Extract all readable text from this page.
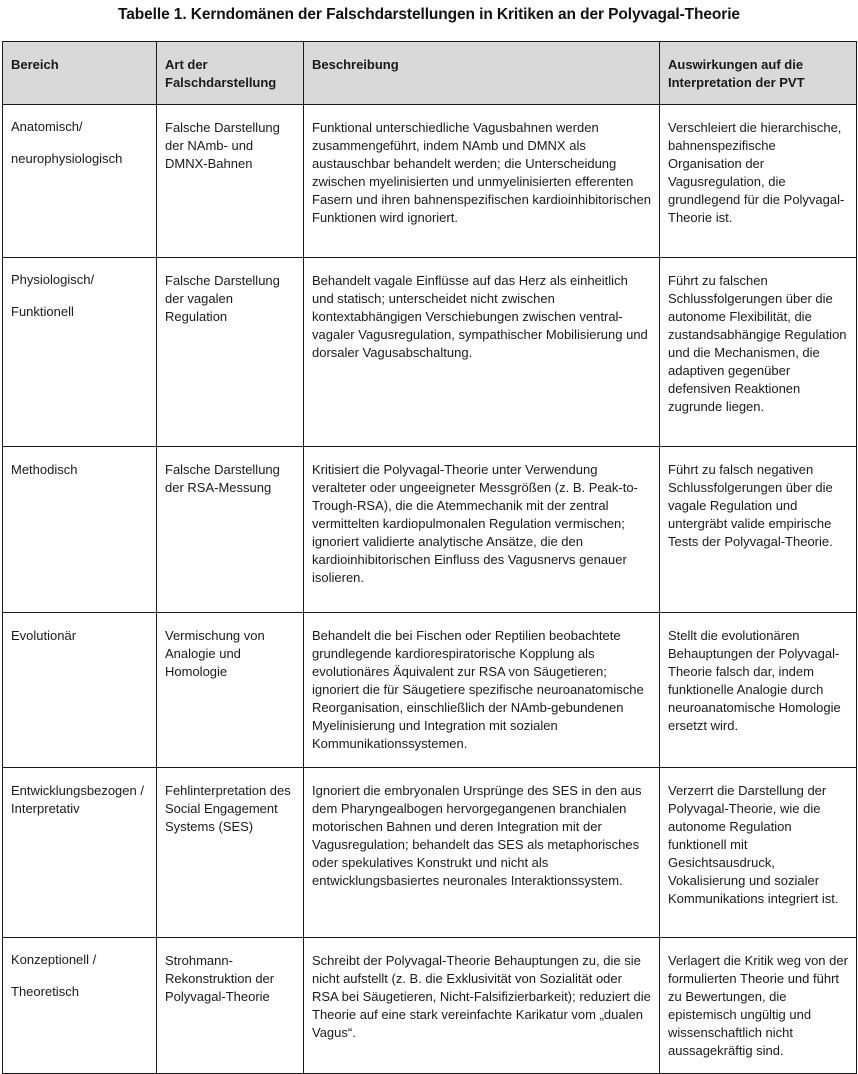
Tabelle 1. Kerndomänen der Falschdarstellungen in Kritiken an der Polyvagal-Theorie
Bereich	Art der Falschdarstellung	Beschreibung	Auswirkungen auf die Interpretation der PVT
Anatomisch/
neurophysiologisch	Falsche Darstellung der NAmb- und DMNX-Bahnen	Funktional unterschiedliche Vagusbahnen werden zusammengeführt, indem NAmb und DMNX als austauschbar behandelt werden; die Unterscheidung zwischen myelinisierten und unmyelinisierten efferenten Fasern und ihren bahnenspezifischen kardioinhibitorischen Funktionen wird ignoriert.	Verschleiert die hierarchische, bahnenspezifische Organisation der Vagusregulation, die grundlegend für die Polyvagal-Theorie ist.
Physiologisch/
Funktionell	Falsche Darstellung der vagalen Regulation	Behandelt vagale Einflüsse auf das Herz als einheitlich und statisch; unterscheidet nicht zwischen kontextabhängigen Verschiebungen zwischen ventral-vagaler Vagusregulation, sympathischer Mobilisierung und dorsaler Vagusabschaltung.	Führt zu falschen Schlussfolgerungen über die autonome Flexibilität, die zustandsabhängige Regulation und die Mechanismen, die adaptiven gegenüber defensiven Reaktionen zugrunde liegen.
Methodisch	Falsche Darstellung der RSA-Messung	Kritisiert die Polyvagal-Theorie unter Verwendung veralteter oder ungeeigneter Messgrößen (z. B. Peak-to-Trough-RSA), die die Atemmechanik mit der zentral vermittelten kardiopulmonalen Regulation vermischen; ignoriert validierte analytische Ansätze, die den kardioinhibitorischen Einfluss des Vagusnervs genauer isolieren.	Führt zu falsch negativen Schlussfolgerungen über die vagale Regulation und untergräbt valide empirische Tests der Polyvagal-Theorie.
Evolutionär	Vermischung von Analogie und Homologie	Behandelt die bei Fischen oder Reptilien beobachtete grundlegende kardiorespiratorische Kopplung als evolutionäres Äquivalent zur RSA von Säugetieren; ignoriert die für Säugetiere spezifische neuroanatomische Reorganisation, einschließlich der NAmb-gebundenen Myelinisierung und Integration mit sozialen Kommunikationssystemen.	Stellt die evolutionären Behauptungen der Polyvagal-Theorie falsch dar, indem funktionelle Analogie durch neuroanatomische Homologie ersetzt wird.
Entwicklungsbezogen / Interpretativ	Fehlinterpretation des Social Engagement Systems (SES)	Ignoriert die embryonalen Ursprünge des SES in den aus dem Pharyngealbogen hervorgegangenen branchialen motorischen Bahnen und deren Integration mit der Vagusregulation; behandelt das SES als metaphorisches oder spekulatives Konstrukt und nicht als entwicklungsbasiertes neuronales Interaktionssystem.	Verzerrt die Darstellung der Polyvagal-Theorie, wie die autonome Regulation funktionell mit Gesichtsausdruck, Vokalisierung und sozialer Kommunikations integriert ist.
Konzeptionell /
Theoretisch	Strohmann-Rekonstruktion der Polyvagal-Theorie	Schreibt der Polyvagal-Theorie Behauptungen zu, die sie nicht aufstellt (z. B. die Exklusivität von Sozialität oder RSA bei Säugetieren, Nicht-Falsifizierbarkeit); reduziert die Theorie auf eine stark vereinfachte Karikatur vom „dualen Vagus“.	Verlagert die Kritik weg von der formulierten Theorie und führt zu Bewertungen, die epistemisch ungültig und wissenschaftlich nicht aussagekräftig sind.
